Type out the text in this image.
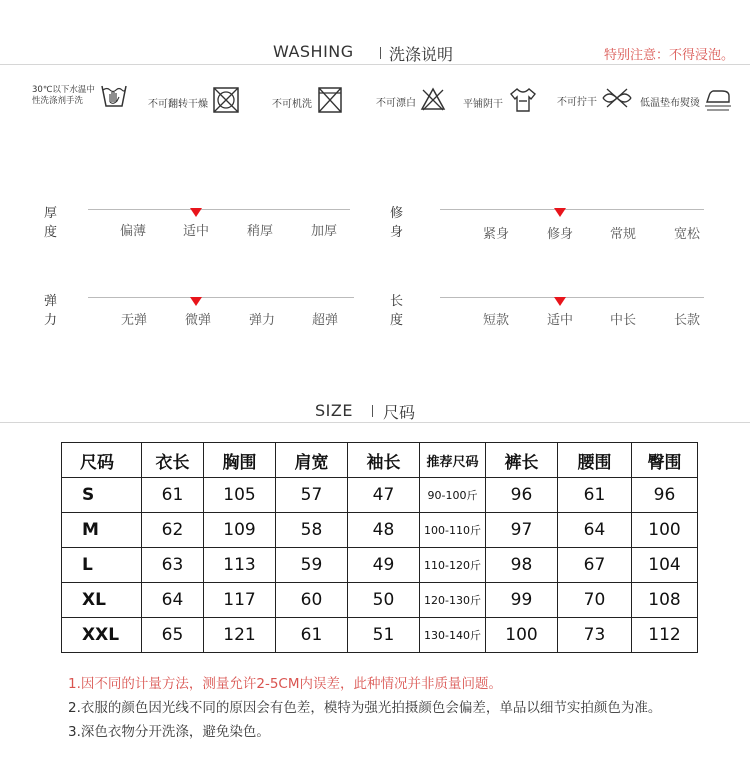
WASHING 洗涤说明	特别注意：不得浸泡。
30℃以下水温中
性洗涤剂手洗	不可翻转干燥	不可机洗	不可漂白	平铺阴干	不可拧干	低温垫布熨烫
厚度	偏薄	适中	稍厚	加厚
修身	紧身	修身	常规	宽松
弹力	无弹	微弹	弹力	超弹
长度	短款	适中	中长	长款
SIZE 尺码
尺码	衣长	胸围	肩宽	袖长	推荐尺码	裤长	腰围	臀围
S	61	105	57	47	90-100斤	96	61	96
M	62	109	58	48	100-110斤	97	64	100
L	63	113	59	49	110-120斤	98	67	104
XL	64	117	60	50	120-130斤	99	70	108
XXL	65	121	61	51	130-140斤	100	73	112
1.因不同的计量方法，测量允许2-5CM内误差，此种情况并非质量问题。
2.衣服的颜色因光线不同的原因会有色差，模特为强光拍摄颜色会偏差，单品以细节实拍颜色为准。
3.深色衣物分开洗涤，避免染色。
